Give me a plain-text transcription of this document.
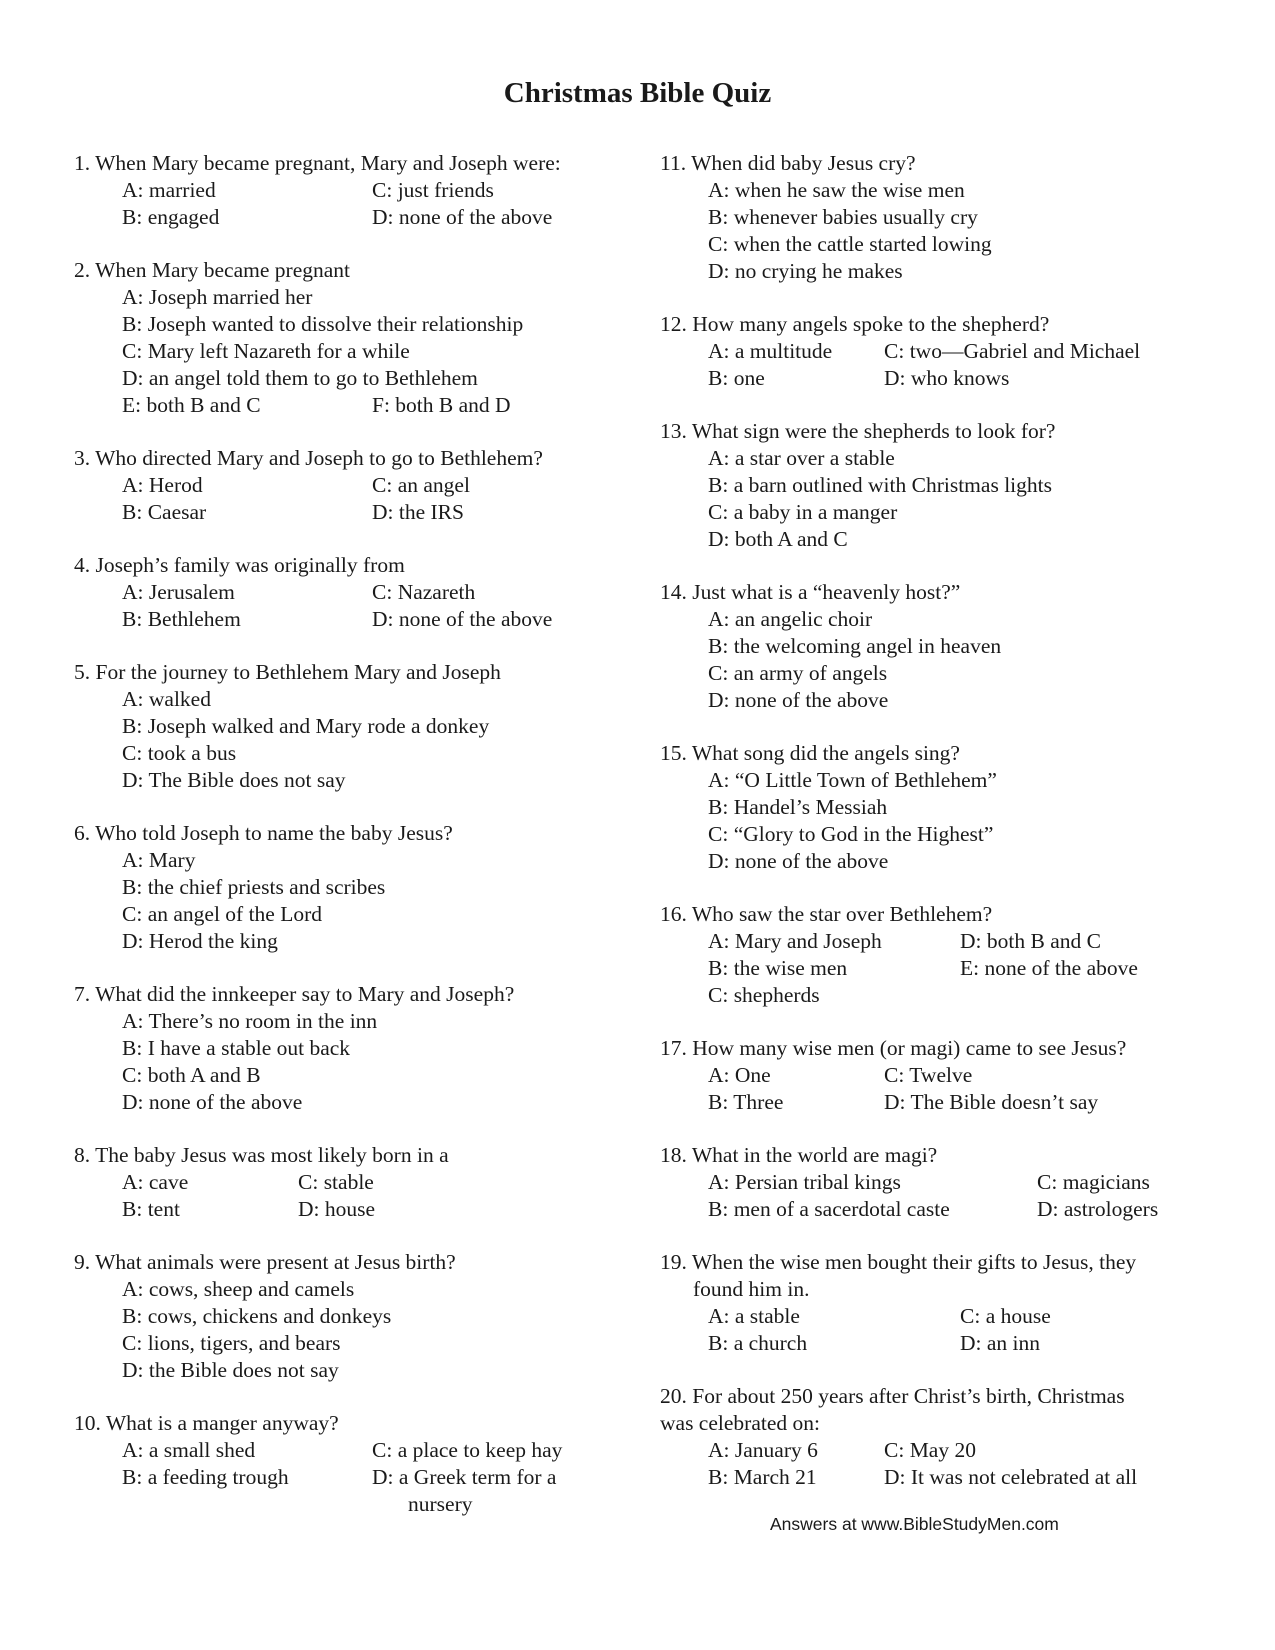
Christmas Bible Quiz
1. When Mary became pregnant, Mary and Joseph were:
A: married	C: just friends
B: engaged	D: none of the above
2. When Mary became pregnant
A: Joseph married her
B: Joseph wanted to dissolve their relationship
C: Mary left Nazareth for a while
D: an angel told them to go to Bethlehem
E: both B and C	F: both B and D
3. Who directed Mary and Joseph to go to Bethlehem?
A: Herod	C: an angel
B: Caesar	D: the IRS
4. Joseph’s family was originally from
A: Jerusalem	C: Nazareth
B: Bethlehem	D: none of the above
5. For the journey to Bethlehem Mary and Joseph
A: walked
B: Joseph walked and Mary rode a donkey
C: took a bus
D: The Bible does not say
6. Who told Joseph to name the baby Jesus?
A: Mary
B: the chief priests and scribes
C: an angel of the Lord
D: Herod the king
7. What did the innkeeper say to Mary and Joseph?
A: There’s no room in the inn
B: I have a stable out back
C: both A and B
D: none of the above
8. The baby Jesus was most likely born in a
A: cave	C: stable
B: tent	D: house
9. What animals were present at Jesus birth?
A: cows, sheep and camels
B: cows, chickens and donkeys
C: lions, tigers, and bears
D: the Bible does not say
10. What is a manger anyway?
A: a small shed	C: a place to keep hay
B: a feeding trough	D: a Greek term for a
nursery
11. When did baby Jesus cry?
A: when he saw the wise men
B: whenever babies usually cry
C: when the cattle started lowing
D: no crying he makes
12. How many angels spoke to the shepherd?
A: a multitude	C: two—Gabriel and Michael
B: one	D: who knows
13. What sign were the shepherds to look for?
A: a star over a stable
B: a barn outlined with Christmas lights
C: a baby in a manger
D: both A and C
14. Just what is a “heavenly host?”
A: an angelic choir
B: the welcoming angel in heaven
C: an army of angels
D: none of the above
15. What song did the angels sing?
A: “O Little Town of Bethlehem”
B: Handel’s Messiah
C: “Glory to God in the Highest”
D: none of the above
16. Who saw the star over Bethlehem?
A: Mary and Joseph	D: both B and C
B: the wise men	E: none of the above
C: shepherds
17. How many wise men (or magi) came to see Jesus?
A: One	C: Twelve
B: Three	D: The Bible doesn’t say
18. What in the world are magi?
A: Persian tribal kings	C: magicians
B: men of a sacerdotal caste	D: astrologers
19. When the wise men bought their gifts to Jesus, they
found him in.
A: a stable	C: a house
B: a church	D: an inn
20. For about 250 years after Christ’s birth, Christmas
was celebrated on:
A: January 6	C: May 20
B: March 21	D: It was not celebrated at all
Answers at www.BibleStudyMen.com
